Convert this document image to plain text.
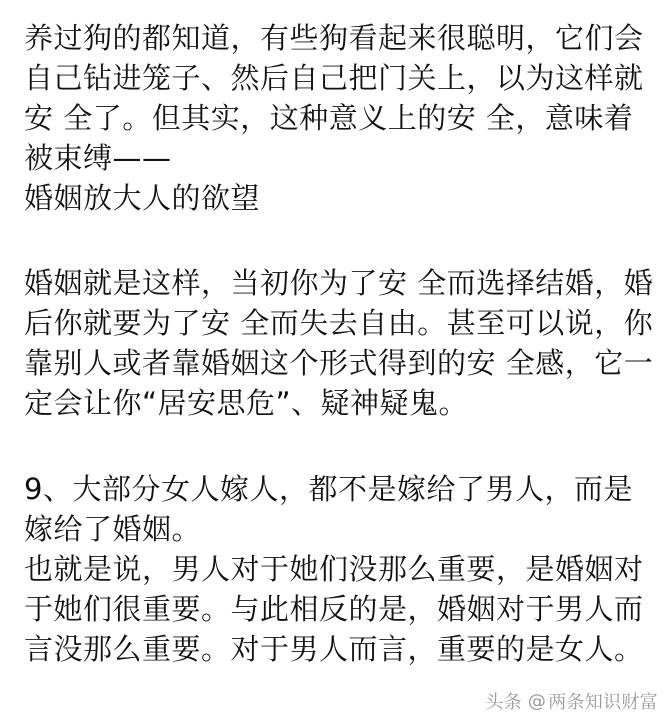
养过狗的都知道，有些狗看起来很聪明，它们会
自己钻进笼子、然后自己把门关上，以为这样就
安 全了。但其实，这种意义上的安 全，意味着
被束缚——
婚姻放大人的欲望
婚姻就是这样，当初你为了安 全而选择结婚，婚
后你就要为了安 全而失去自由。甚至可以说，你
靠别人或者靠婚姻这个形式得到的安 全感，它一
定会让你“居安思危”、疑神疑鬼。
9、大部分女人嫁人，都不是嫁给了男人，而是
嫁给了婚姻。
也就是说，男人对于她们没那么重要，是婚姻对
于她们很重要。与此相反的是，婚姻对于男人而
言没那么重要。对于男人而言，重要的是女人。
头条 @ 两条知识财富
